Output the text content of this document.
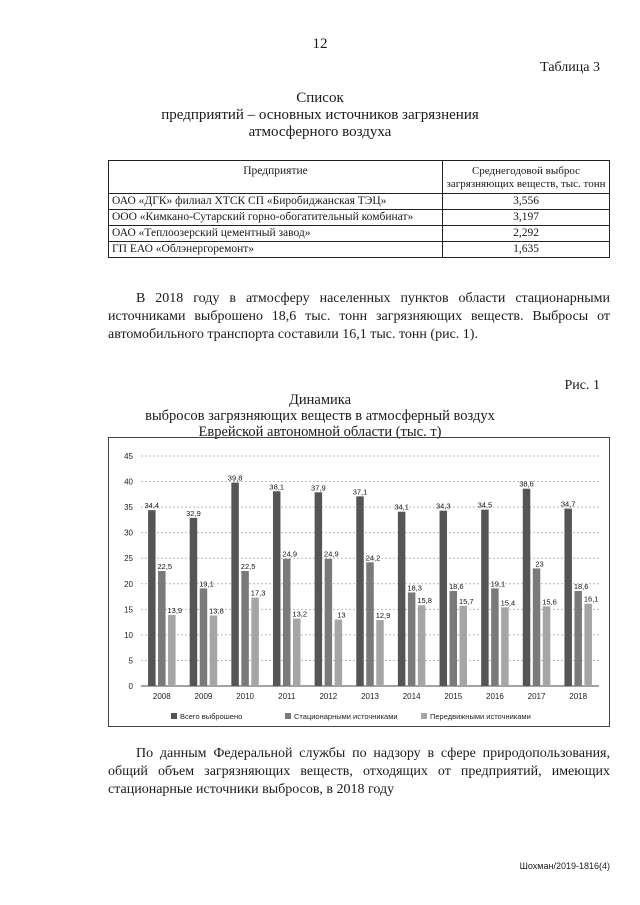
12
Таблица 3
Список
предприятий – основных источников загрязнения
атмосферного воздуха
Предприятие	Среднегодовой выброс загрязняющих веществ, тыс. тонн
ОАО «ДГК» филиал ХТСК СП «Биробиджанская ТЭЦ»	3,556
ООО «Кимкано-Сутарский горно-обогатительный комбинат»	3,197
ОАО «Теплоозерский цементный завод»	2,292
ГП ЕАО «Облэнергоремонт»	1,635
В 2018 году в атмосферу населенных пунктов области стационарными источниками выброшено 18,6 тыс. тонн загрязняющих веществ. Выбросы от автомобильного транспорта составили 16,1 тыс. тонн (рис. 1).
Рис. 1
Динамика
выбросов загрязняющих веществ в атмосферный воздух
Еврейской автономной области (тыс. т)
0
5
10
15
20
25
30
35
40
45
34,4
22,5
13,9
2008
32,9
19,1
13,8
2009
39,8
22,5
17,3
2010
38,1
24,9
13,2
2011
37,9
24,9
13
2012
37,1
24,2
12,9
2013
34,1
18,3
15,8
2014
34,3
18,6
15,7
2015
34,5
19,1
15,4
2016
38,6
23
15,6
2017
34,7
18,6
16,1
2018
Всего выброшено	Стационарными источниками	Передвижными источниками
По данным Федеральной службы по надзору в сфере природопользования, общий объем загрязняющих веществ, отходящих от предприятий, имеющих стационарные источники выбросов, в 2018 году
Шохман/2019-1816(4)
